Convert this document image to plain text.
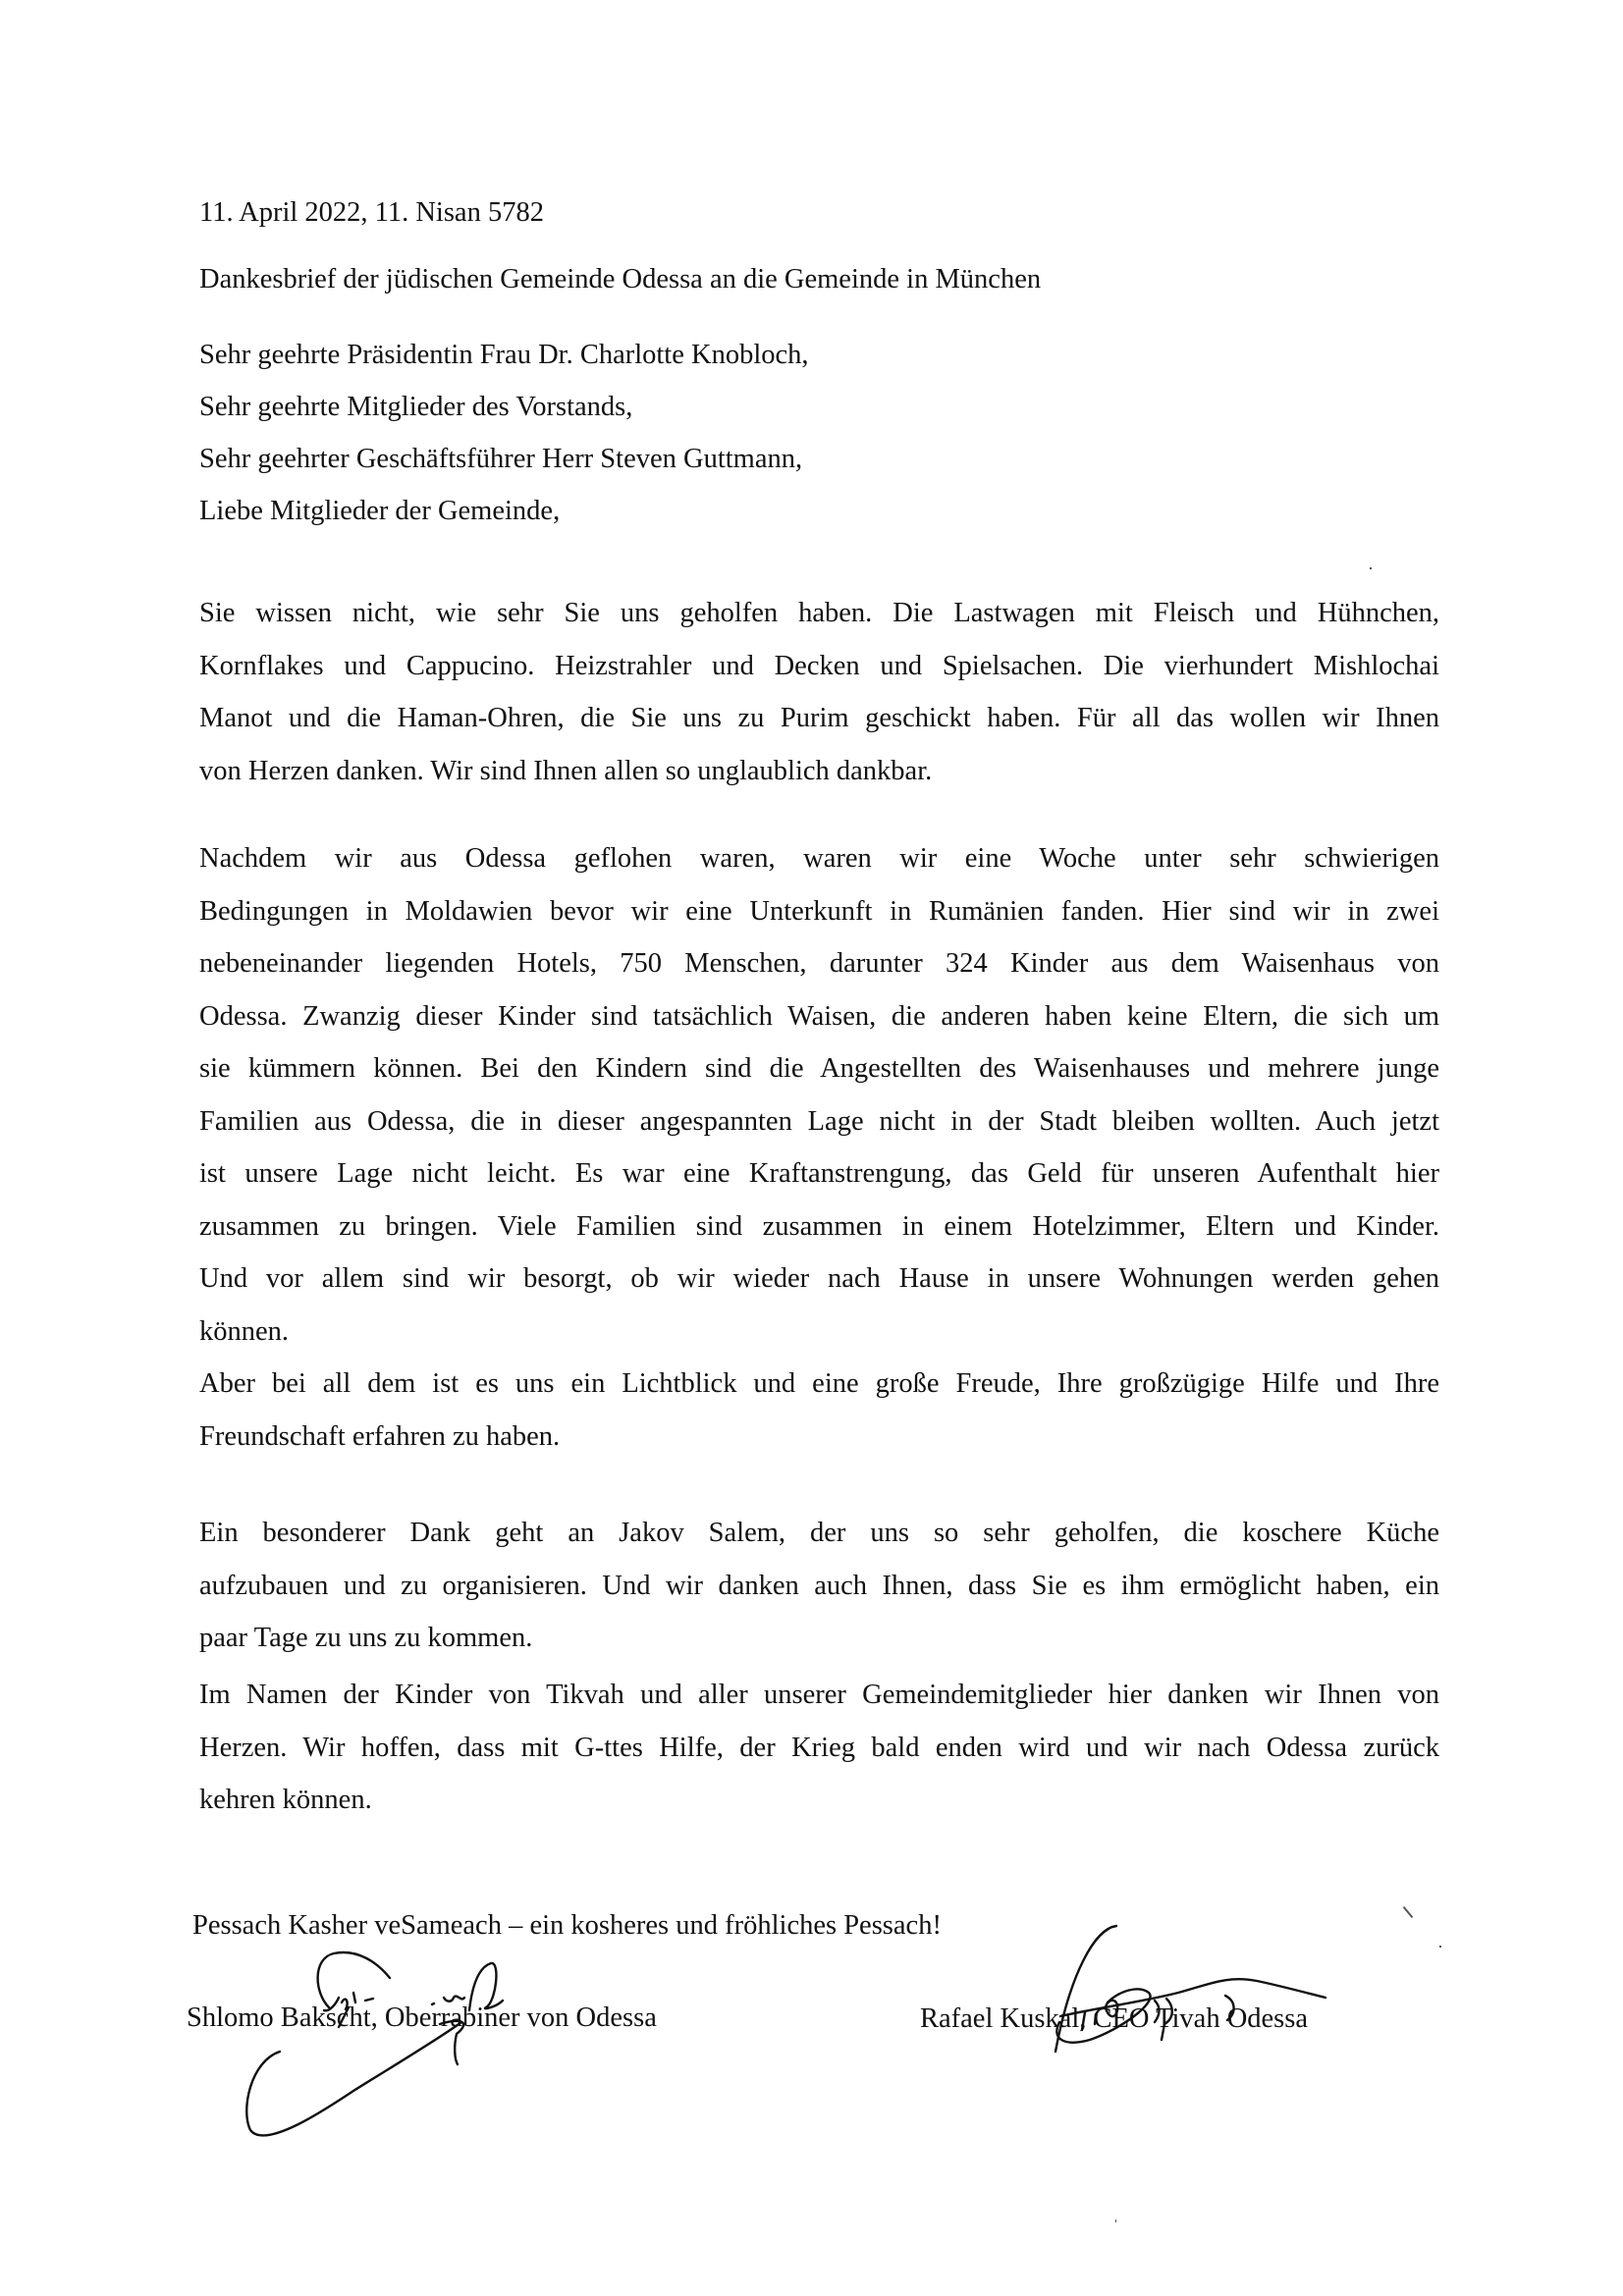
11. April 2022, 11. Nisan 5782
Dankesbrief der jüdischen Gemeinde Odessa an die Gemeinde in München
Sehr geehrte Präsidentin Frau Dr. Charlotte Knobloch,
Sehr geehrte Mitglieder des Vorstands,
Sehr geehrter Geschäftsführer Herr Steven Guttmann,
Liebe Mitglieder der Gemeinde,
Sie wissen nicht, wie sehr Sie uns geholfen haben. Die Lastwagen mit Fleisch und Hühnchen,
Kornflakes und Cappucino. Heizstrahler und Decken und Spielsachen. Die vierhundert Mishlochai
Manot und die Haman-Ohren, die Sie uns zu Purim geschickt haben. Für all das wollen wir Ihnen
von Herzen danken. Wir sind Ihnen allen so unglaublich dankbar.
Nachdem wir aus Odessa geflohen waren, waren wir eine Woche unter sehr schwierigen
Bedingungen in Moldawien bevor wir eine Unterkunft in Rumänien fanden. Hier sind wir in zwei
nebeneinander liegenden Hotels, 750 Menschen, darunter 324 Kinder aus dem Waisenhaus von
Odessa. Zwanzig dieser Kinder sind tatsächlich Waisen, die anderen haben keine Eltern, die sich um
sie kümmern können. Bei den Kindern sind die Angestellten des Waisenhauses und mehrere junge
Familien aus Odessa, die in dieser angespannten Lage nicht in der Stadt bleiben wollten. Auch jetzt
ist unsere Lage nicht leicht. Es war eine Kraftanstrengung, das Geld für unseren Aufenthalt hier
zusammen zu bringen. Viele Familien sind zusammen in einem Hotelzimmer, Eltern und Kinder.
Und vor allem sind wir besorgt, ob wir wieder nach Hause in unsere Wohnungen werden gehen
können.
Aber bei all dem ist es uns ein Lichtblick und eine große Freude, Ihre großzügige Hilfe und Ihre
Freundschaft erfahren zu haben.
Ein besonderer Dank geht an Jakov Salem, der uns so sehr geholfen, die koschere Küche
aufzubauen und zu organisieren. Und wir danken auch Ihnen, dass Sie es ihm ermöglicht haben, ein
paar Tage zu uns zu kommen.
Im Namen der Kinder von Tikvah und aller unserer Gemeindemitglieder hier danken wir Ihnen von
Herzen. Wir hoffen, dass mit G-ttes Hilfe, der Krieg bald enden wird und wir nach Odessa zurück
kehren können.
Pessach Kasher veSameach – ein kosheres und fröhliches Pessach!
Shlomo Bakscht, Oberrabiner von Odessa	Rafael Kuskal, CEO Tivah Odessa
